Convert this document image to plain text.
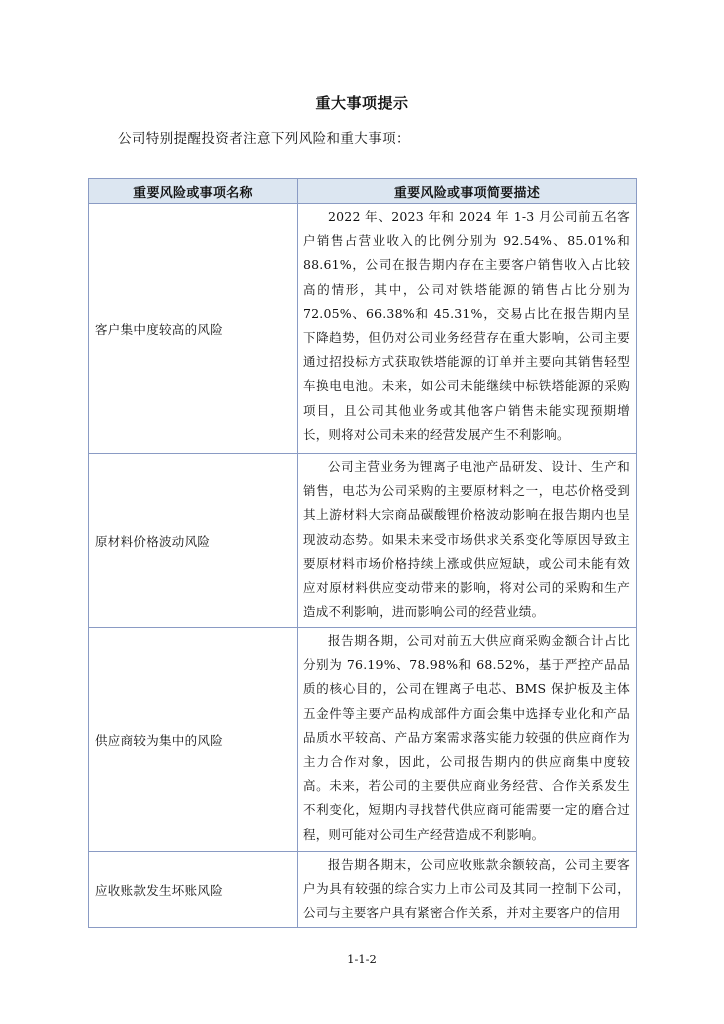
重大事项提示
公司特别提醒投资者注意下列风险和重大事项：
重要风险或事项名称	重要风险或事项简要描述
客户集中度较高的风险	2022 年、2023 年和 2024 年 1-3 月公司前五名客户销售占营业收入的比例分别为 92.54%、85.01%和 88.61%，公司在报告期内存在主要客户销售收入占比较高的情形，其中，公司对铁塔能源的销售占比分别为 72.05%、66.38%和 45.31%，交易占比在报告期内呈下降趋势，但仍对公司业务经营存在重大影响，公司主要通过招投标方式获取铁塔能源的订单并主要向其销售轻型车换电电池。未来，如公司未能继续中标铁塔能源的采购项目，且公司其他业务或其他客户销售未能实现预期增长，则将对公司未来的经营发展产生不利影响。

原材料价格波动风险	公司主营业务为锂离子电池产品研发、设计、生产和销售，电芯为公司采购的主要原材料之一，电芯价格受到其上游材料大宗商品碳酸锂价格波动影响在报告期内也呈现波动态势。如果未来受市场供求关系变化等原因导致主要原材料市场价格持续上涨或供应短缺，或公司未能有效应对原材料供应变动带来的影响，将对公司的采购和生产造成不利影响，进而影响公司的经营业绩。

供应商较为集中的风险	报告期各期，公司对前五大供应商采购金额合计占比分别为 76.19%、78.98%和 68.52%，基于严控产品品质的核心目的，公司在锂离子电芯、BMS 保护板及主体五金件等主要产品构成部件方面会集中选择专业化和产品品质水平较高、产品方案需求落实能力较强的供应商作为主力合作对象，因此，公司报告期内的供应商集中度较高。未来，若公司的主要供应商业务经营、合作关系发生不利变化，短期内寻找替代供应商可能需要一定的磨合过程，则可能对公司生产经营造成不利影响。

应收账款发生坏账风险	报告期各期末，公司应收账款余额较高，公司主要客户为具有较强的综合实力上市公司及其同一控制下公司，公司与主要客户具有紧密合作关系，并对主要客户的信用

1-1-2
